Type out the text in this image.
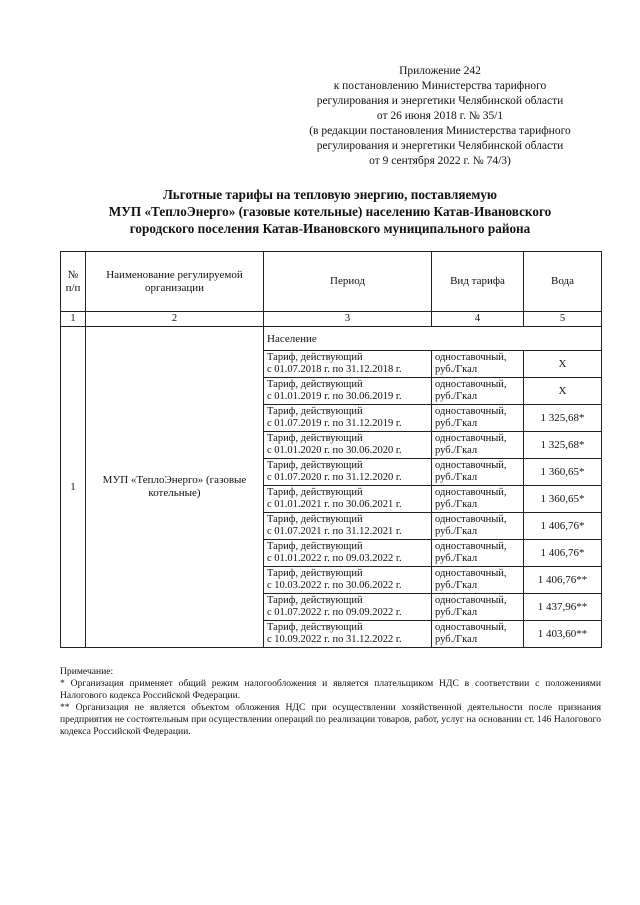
Приложение 242
к постановлению Министерства тарифного
регулирования и энергетики Челябинской области
от 26 июня 2018 г. № 35/1
(в редакции постановления Министерства тарифного
регулирования и энергетики Челябинской области
от 9 сентября 2022 г. № 74/3)
Льготные тарифы на тепловую энергию, поставляемую
МУП «ТеплоЭнерго» (газовые котельные) населению Катав-Ивановского
городского поселения Катав-Ивановского муниципального района
№ п/п	Наименование регулируемой организации	Период	Вид тарифа	Вода
1	2	3	4	5
1	МУП «ТеплоЭнерго» (газовые котельные)	Население		
		Тариф, действующий
с 01.07.2018 г. по 31.12.2018 г.	одноставочный,
руб./Гкал	Х
		Тариф, действующий
с 01.01.2019 г. по 30.06.2019 г.	одноставочный,
руб./Гкал	Х
		Тариф, действующий
с 01.07.2019 г. по 31.12.2019 г.	одноставочный,
руб./Гкал	1 325,68*
		Тариф, действующий
с 01.01.2020 г. по 30.06.2020 г.	одноставочный,
руб./Гкал	1 325,68*
		Тариф, действующий
с 01.07.2020 г. по 31.12.2020 г.	одноставочный,
руб./Гкал	1 360,65*
		Тариф, действующий
с 01.01.2021 г. по 30.06.2021 г.	одноставочный,
руб./Гкал	1 360,65*
		Тариф, действующий
с 01.07.2021 г. по 31.12.2021 г.	одноставочный,
руб./Гкал	1 406,76*
		Тариф, действующий
с 01.01.2022 г. по 09.03.2022 г.	одноставочный,
руб./Гкал	1 406,76*
		Тариф, действующий
с 10.03.2022 г. по 30.06.2022 г.	одноставочный,
руб./Гкал	1 406,76**
		Тариф, действующий
с 01.07.2022 г. по 09.09.2022 г.	одноставочный,
руб./Гкал	1 437,96**
		Тариф, действующий
с 10.09.2022 г. по 31.12.2022 г.	одноставочный,
руб./Гкал	1 403,60**

Примечание:

* Организация применяет общий режим налогообложения и является плательщиком НДС в соответствии с положениями Налогового кодекса Российской Федерации.

** Организация не является объектом обложения НДС при осуществлении хозяйственной деятельности после признания предприятия не состоятельным при осуществлении операций по реализации товаров, работ, услуг на основании ст. 146 Налогового кодекса Российской Федерации.
